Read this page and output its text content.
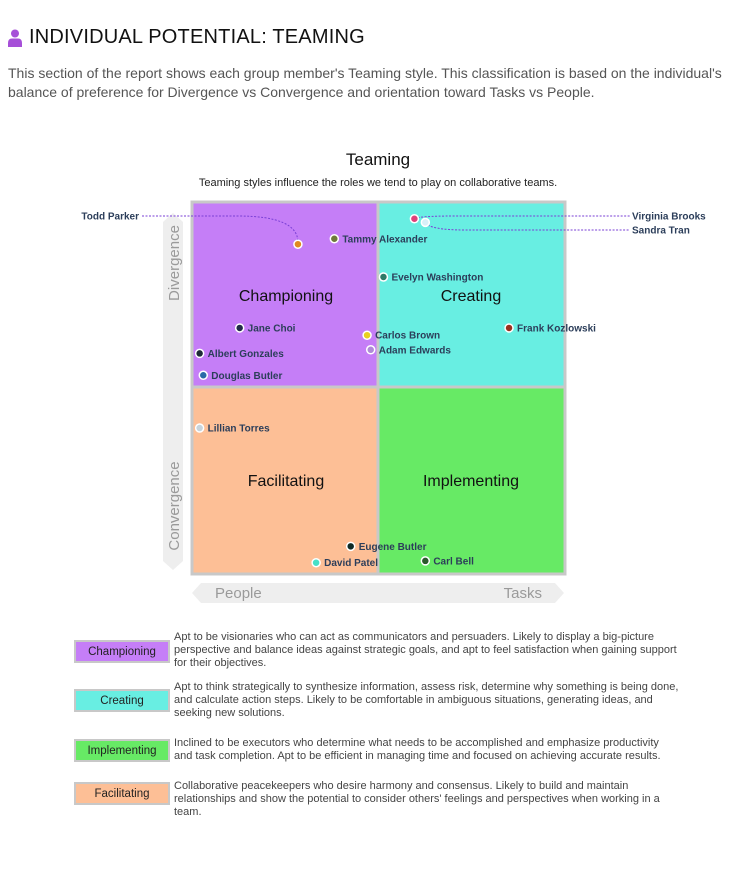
INDIVIDUAL POTENTIAL: TEAMING
This section of the report shows each group member's Teaming style. This classification is based on the individual's balance of preference for Divergence vs Convergence and orientation toward Tasks vs People.
Teaming
Teaming styles influence the roles we tend to play on collaborative teams.
Divergence
Convergence
People	Tasks
Championing	Creating
Facilitating	Implementing
Todd Parker
Tammy Alexander
Virginia Brooks
Sandra Tran
Evelyn Washington
Jane Choi
Carlos Brown
Adam Edwards
Frank Kozlowski
Albert Gonzales
Douglas Butler
Lillian Torres
Eugene Butler
David Patel	Carl Bell
Championing
Apt to be visionaries who can act as communicators and persuaders. Likely to display a big-picture perspective and balance ideas against strategic goals, and apt to feel satisfaction when gaining support for their objectives.
Creating
Apt to think strategically to synthesize information, assess risk, determine why something is being done, and calculate action steps. Likely to be comfortable in ambiguous situations, generating ideas, and seeking new solutions.
Implementing
Inclined to be executors who determine what needs to be accomplished and emphasize productivity and task completion. Apt to be efficient in managing time and focused on achieving accurate results.
Facilitating
Collaborative peacekeepers who desire harmony and consensus. Likely to build and maintain relationships and show the potential to consider others' feelings and perspectives when working in a team.
